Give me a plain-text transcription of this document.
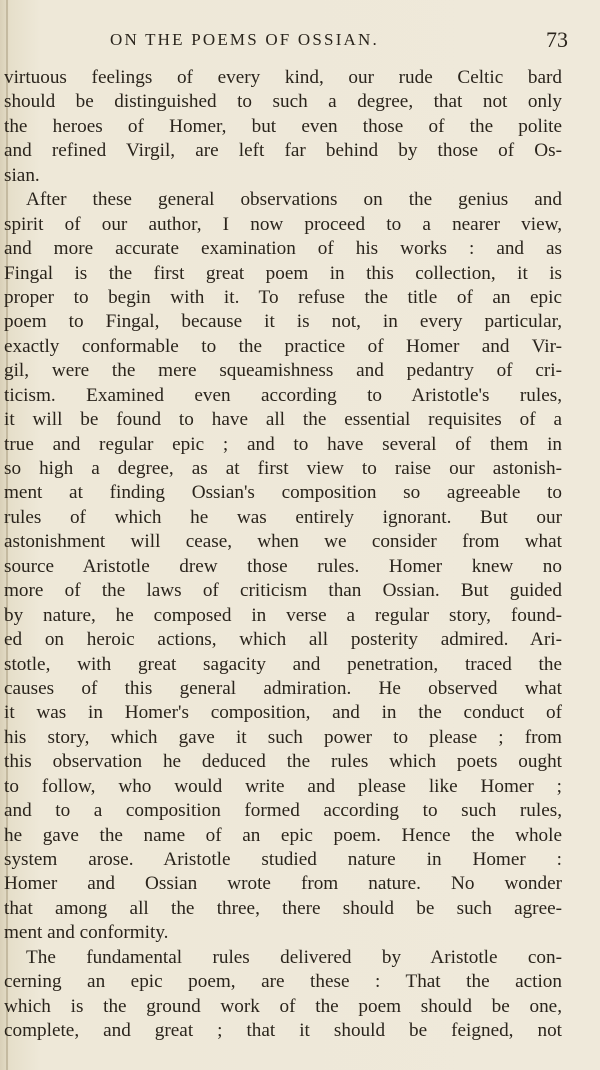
ON THE POEMS OF OSSIAN.	73
virtuous feelings of every kind, our rude Celtic bard
should be distinguished to such a degree, that not only
the heroes of Homer, but even those of the polite
and refined Virgil, are left far behind by those of Os-
sian.
After these general observations on the genius and
spirit of our author, I now proceed to a nearer view,
and more accurate examination of his works : and as
Fingal is the first great poem in this collection, it is
proper to begin with it. To refuse the title of an epic
poem to Fingal, because it is not, in every particular,
exactly conformable to the practice of Homer and Vir-
gil, were the mere squeamishness and pedantry of cri-
ticism. Examined even according to Aristotle's rules,
it will be found to have all the essential requisites of a
true and regular epic ; and to have several of them in
so high a degree, as at first view to raise our astonish-
ment at finding Ossian's composition so agreeable to
rules of which he was entirely ignorant. But our
astonishment will cease, when we consider from what
source Aristotle drew those rules. Homer knew no
more of the laws of criticism than Ossian. But guided
by nature, he composed in verse a regular story, found-
ed on heroic actions, which all posterity admired. Ari-
stotle, with great sagacity and penetration, traced the
causes of this general admiration. He observed what
it was in Homer's composition, and in the conduct of
his story, which gave it such power to please ; from
this observation he deduced the rules which poets ought
to follow, who would write and please like Homer ;
and to a composition formed according to such rules,
he gave the name of an epic poem. Hence the whole
system arose. Aristotle studied nature in Homer :
Homer and Ossian wrote from nature. No wonder
that among all the three, there should be such agree-
ment and conformity.
The fundamental rules delivered by Aristotle con-
cerning an epic poem, are these : That the action
which is the ground work of the poem should be one,
complete, and great ; that it should be feigned, not
